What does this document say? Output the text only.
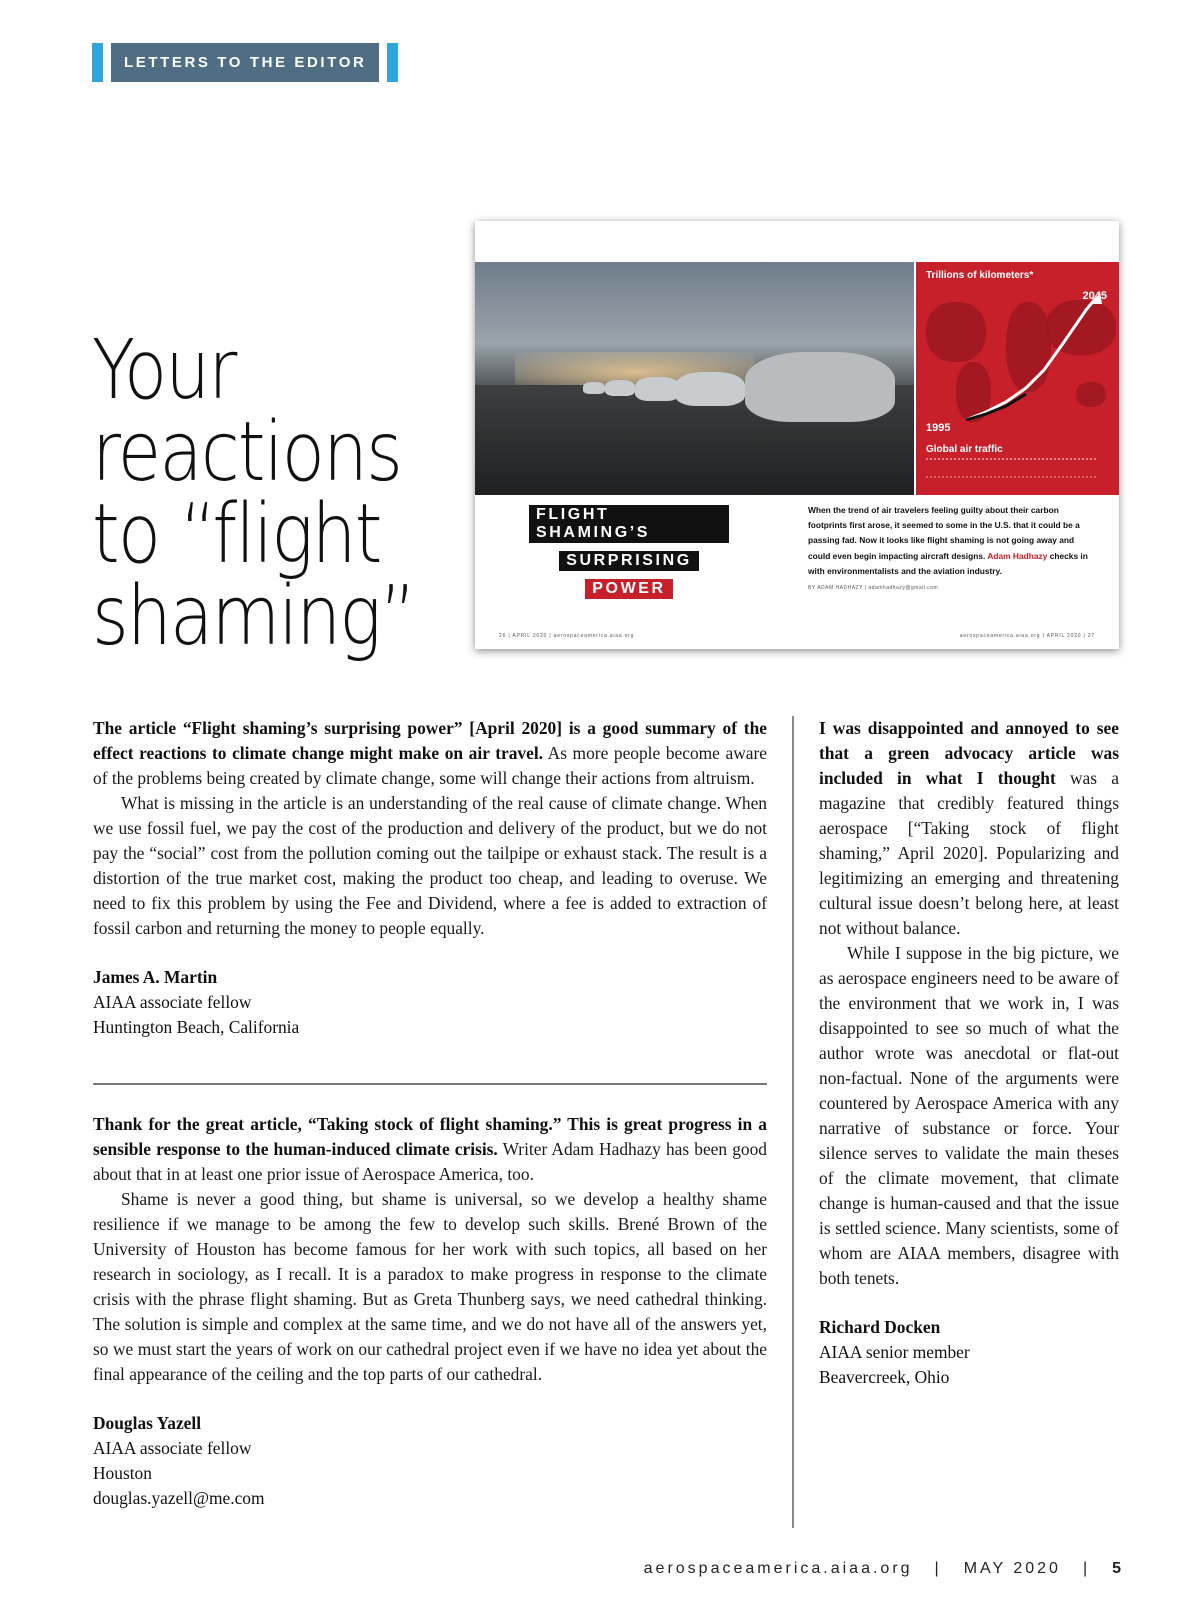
LETTERS TO THE EDITOR
Your
reactions
to “flight
shaming”
Trillions of kilometers*
2045
1995
Global air traffic
FLIGHT SHAMING’S
SURPRISING
POWER
When the trend of air travelers feeling guilty about their carbon footprints first arose, it seemed to some in the U.S. that it could be a passing fad. Now it looks like flight shaming is not going away and could even begin impacting aircraft designs. Adam Hadhazy checks in with environmentalists and the aviation industry.
BY ADAM HADHAZY | adamhadhazy@gmail.com
26 | APRIL 2020 | aerospaceamerica.aiaa.org	aerospaceamerica.aiaa.org | APRIL 2020 | 27

The article “Flight shaming’s surprising power” [April 2020] is a good summary of the effect reactions to climate change might make on air travel. As more people become aware of the problems being created by climate change, some will change their actions from altruism.

What is missing in the article is an understanding of the real cause of climate change. When we use fossil fuel, we pay the cost of the production and delivery of the product, but we do not pay the “social” cost from the pollution coming out the tailpipe or exhaust stack. The result is a distortion of the true market cost, making the product too cheap, and leading to overuse. We need to fix this problem by using the Fee and Dividend, where a fee is added to extraction of fossil carbon and returning the money to people equally.

James A. Martin
AIAA associate fellow
Huntington Beach, California

Thank for the great article, “Taking stock of flight shaming.” This is great progress in a sensible response to the human-induced climate crisis. Writer Adam Hadhazy has been good about that in at least one prior issue of Aerospace America, too.

Shame is never a good thing, but shame is universal, so we develop a healthy shame resilience if we manage to be among the few to develop such skills. Brené Brown of the University of Houston has become famous for her work with such topics, all based on her research in sociology, as I recall. It is a paradox to make progress in response to the climate crisis with the phrase flight shaming. But as Greta Thunberg says, we need cathedral thinking. The solution is simple and complex at the same time, and we do not have all of the answers yet, so we must start the years of work on our cathedral project even if we have no idea yet about the final appearance of the ceiling and the top parts of our cathedral.

Douglas Yazell
AIAA associate fellow
Houston
douglas.yazell@me.com

I was disappointed and annoyed to see that a green advocacy article was included in what I thought was a magazine that credibly featured things aerospace [“Taking stock of flight shaming,” April 2020]. Popularizing and legitimizing an emerging and threatening cultural issue doesn’t belong here, at least not without balance.

While I suppose in the big picture, we as aerospace engineers need to be aware of the environment that we work in, I was disappointed to see so much of what the author wrote was anecdotal or flat-out non-factual. None of the arguments were countered by Aerospace America with any narrative of substance or force. Your silence serves to validate the main theses of the climate movement, that climate change is human-caused and that the issue is settled science. Many scientists, some of whom are AIAA members, disagree with both tenets.

Richard Docken
AIAA senior member
Beavercreek, Ohio
aerospaceamerica.aiaa.org | MAY 2020 | 5
